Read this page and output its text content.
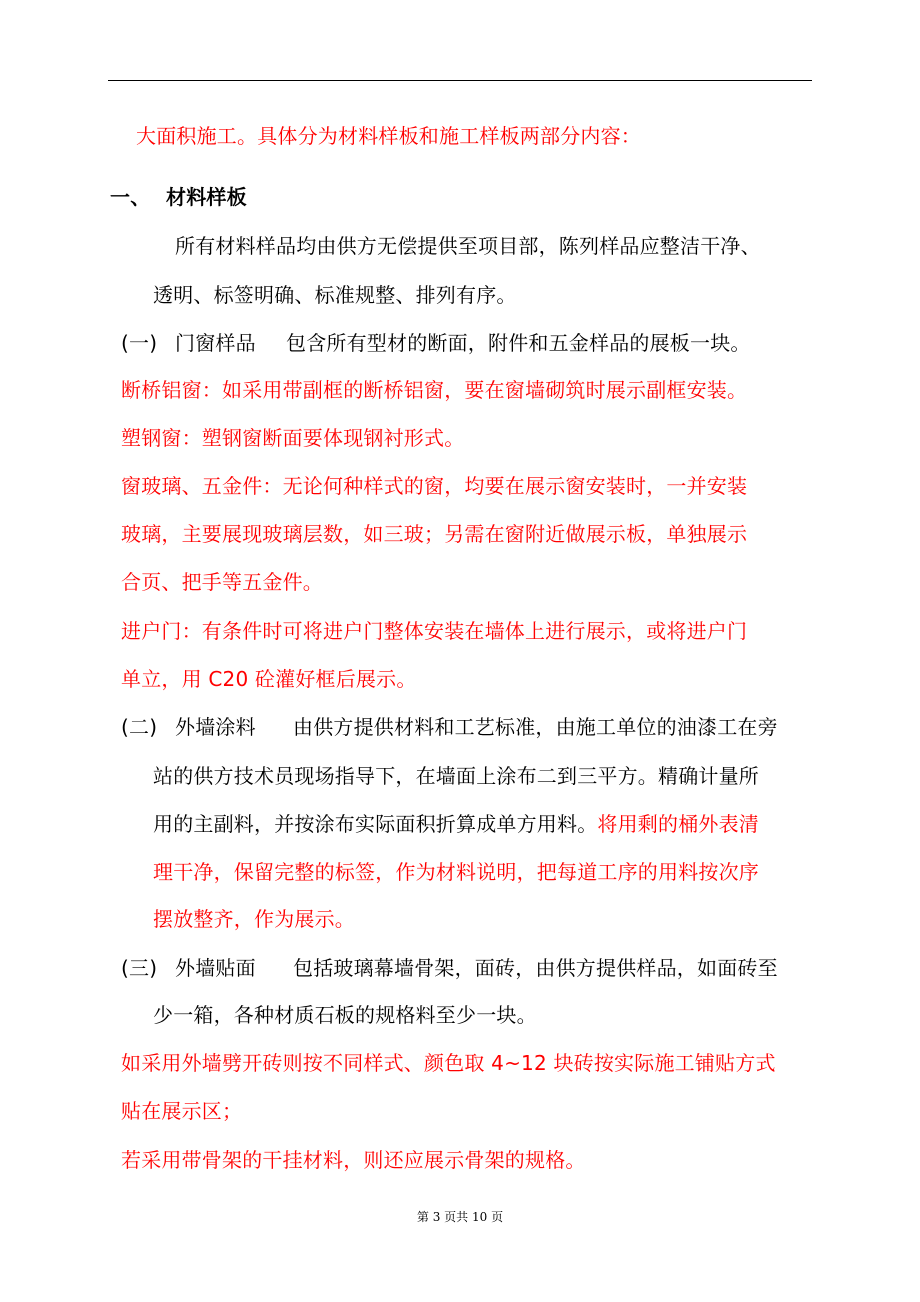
大面积施工。具体分为材料样板和施工样板两部分内容：
一、 材料样板
所有材料样品均由供方无偿提供至项目部，陈列样品应整洁干净、
透明、标签明确、标准规整、排列有序。
(一) 门窗样品 包含所有型材的断面，附件和五金样品的展板一块。
断桥铝窗：如采用带副框的断桥铝窗，要在窗墙砌筑时展示副框安装。
塑钢窗：塑钢窗断面要体现钢衬形式。
窗玻璃、五金件：无论何种样式的窗，均要在展示窗安装时，一并安装
玻璃，主要展现玻璃层数，如三玻；另需在窗附近做展示板，单独展示
合页、把手等五金件。
进户门：有条件时可将进户门整体安装在墙体上进行展示，或将进户门
单立，用 C20 砼灌好框后展示。
(二) 外墙涂料 由供方提供材料和工艺标准，由施工单位的油漆工在旁
站的供方技术员现场指导下，在墙面上涂布二到三平方。精确计量所
用的主副料，并按涂布实际面积折算成单方用料。将用剩的桶外表清
理干净，保留完整的标签，作为材料说明，把每道工序的用料按次序
摆放整齐，作为展示。
(三) 外墙贴面 包括玻璃幕墙骨架，面砖，由供方提供样品，如面砖至
少一箱，各种材质石板的规格料至少一块。
如采用外墙劈开砖则按不同样式、颜色取 4~12 块砖按实际施工铺贴方式
贴在展示区；
若采用带骨架的干挂材料，则还应展示骨架的规格。
第 3 页共 10 页
